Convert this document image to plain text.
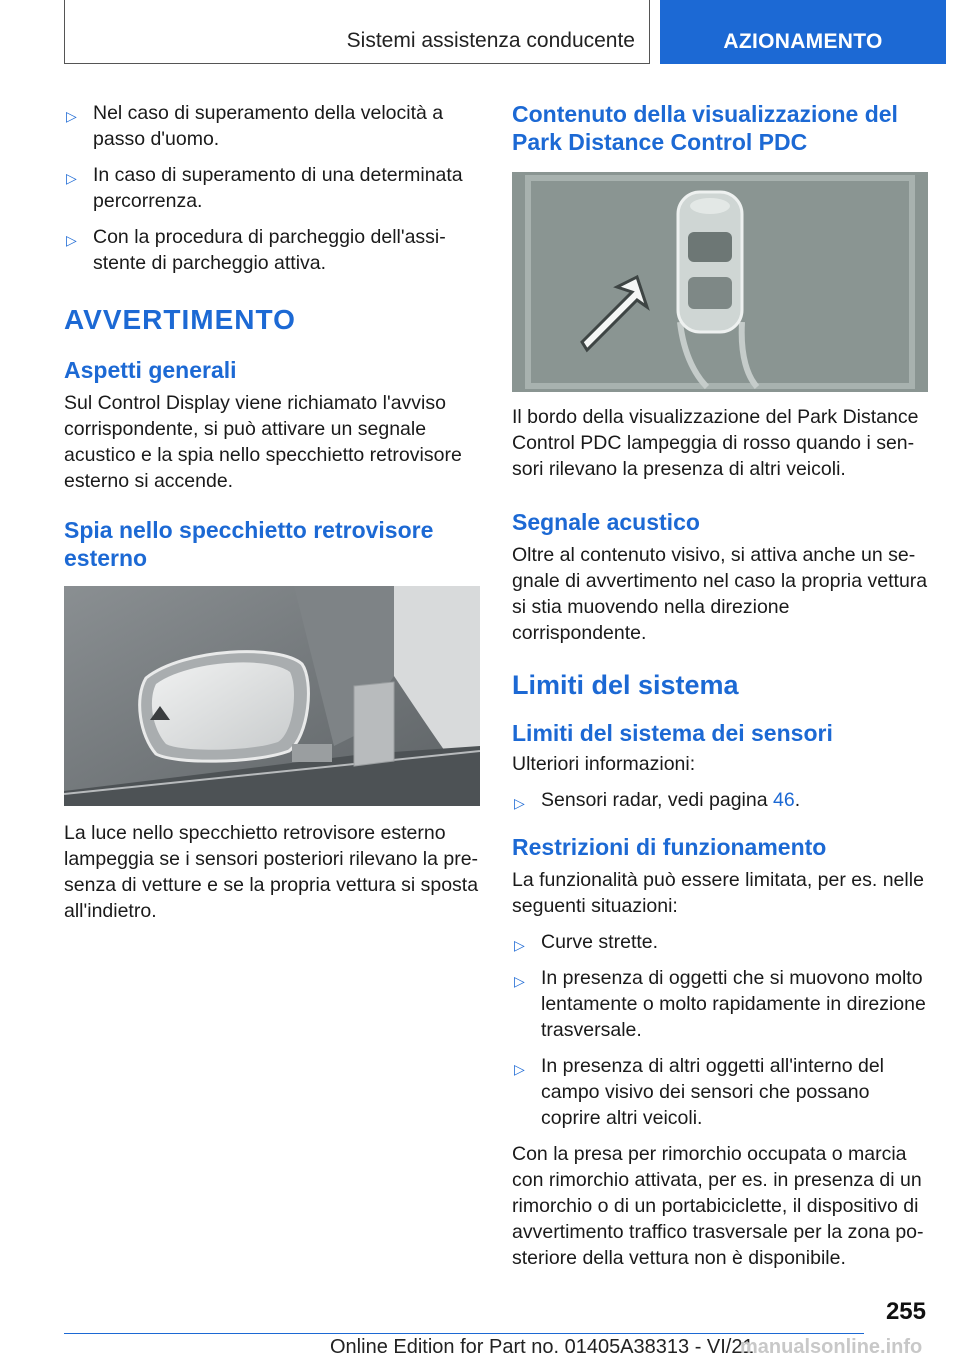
Sistemi assistenza conducente	AZIONAMENTO
▷ Nel caso di superamento della velocità a passo d'uomo.
▷ In caso di superamento di una determinata percorrenza.
▷ Con la procedura di parcheggio dell'assistente di parcheggio attiva.
AVVERTIMENTO
Aspetti generali

Sul Control Display viene richiamato l'avviso corrispondente, si può attivare un segnale acustico e la spia nello specchietto retrovisore esterno si accende.

Spia nello specchietto retrovisore esterno

La luce nello specchietto retrovisore esterno lampeggia se i sensori posteriori rilevano la presenza di vetture e se la propria vettura si sposta all'indietro.

Contenuto della visualizzazione del Park Distance Control PDC

Il bordo della visualizzazione del Park Distance Control PDC lampeggia di rosso quando i sensori rilevano la presenza di altri veicoli.

Segnale acustico

Oltre al contenuto visivo, si attiva anche un segnale di avvertimento nel caso la propria vettura si stia muovendo nella direzione corrispondente.

Limiti del sistema
Limiti del sistema dei sensori

Ulteriori informazioni:

▷ Sensori radar, vedi pagina 46.
Restrizioni di funzionamento

La funzionalità può essere limitata, per es. nelle seguenti situazioni:

▷ Curve strette.
▷ In presenza di oggetti che si muovono molto lentamente o molto rapidamente in direzione trasversale.
▷ In presenza di altri oggetti all'interno del campo visivo dei sensori che possano coprire altri veicoli.

Con la presa per rimorchio occupata o marcia con rimorchio attivata, per es. in presenza di un rimorchio o di un portabiciclette, il dispositivo di avvertimento traffico trasversale per la zona posteriore della vettura non è disponibile.

255
Online Edition for Part no. 01405A38313 - VI/21
manualsonline.info
